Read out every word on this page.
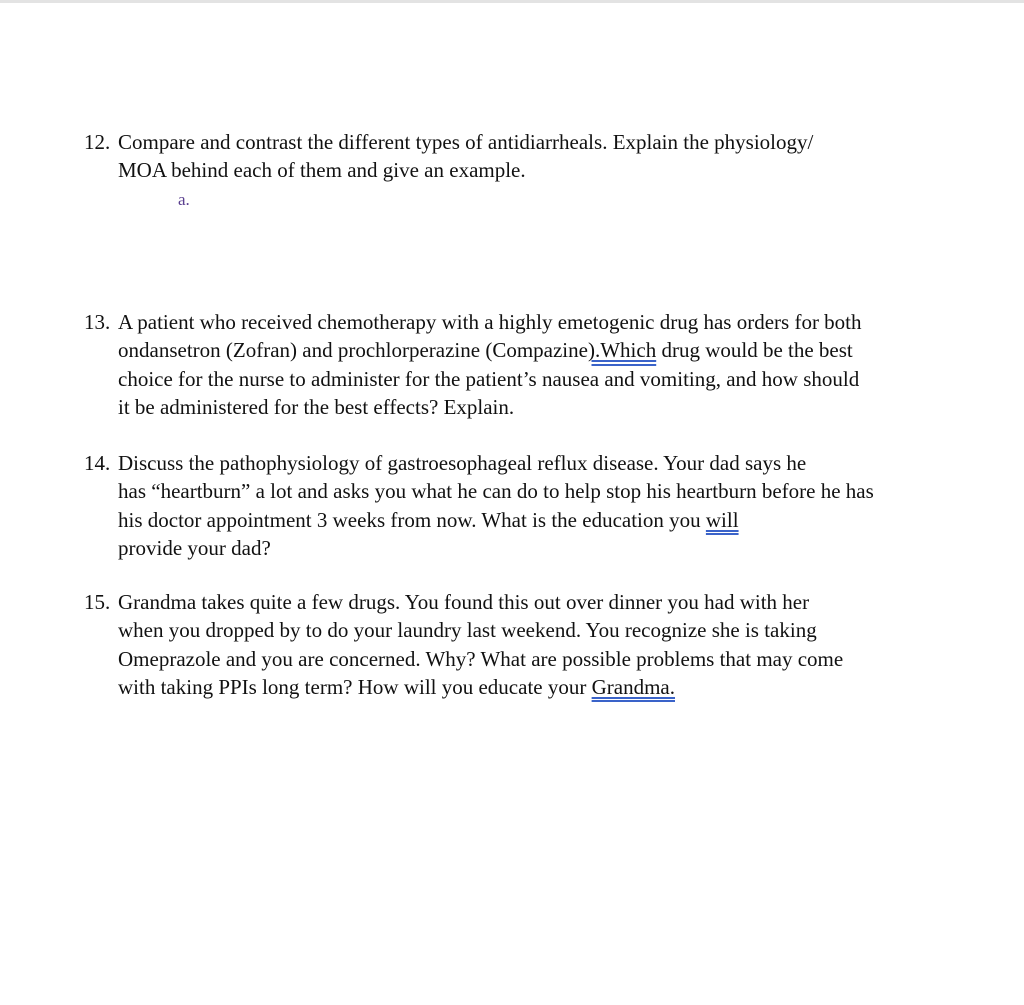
12. Compare and contrast the different types of antidiarrheals. Explain the physiology/
MOA behind each of them and give an example.
a.
13. A patient who received chemotherapy with a highly emetogenic drug has orders for both
ondansetron (Zofran) and prochlorperazine (Compazine).Which drug would be the best
choice for the nurse to administer for the patient’s nausea and vomiting, and how should
it be administered for the best effects? Explain.
14. Discuss the pathophysiology of gastroesophageal reflux disease. Your dad says he
has “heartburn” a lot and asks you what he can do to help stop his heartburn before he has
his doctor appointment 3 weeks from now. What is the education you will
provide your dad?
15. Grandma takes quite a few drugs. You found this out over dinner you had with her
when you dropped by to do your laundry last weekend. You recognize she is taking
Omeprazole and you are concerned. Why? What are possible problems that may come
with taking PPIs long term? How will you educate your Grandma.
